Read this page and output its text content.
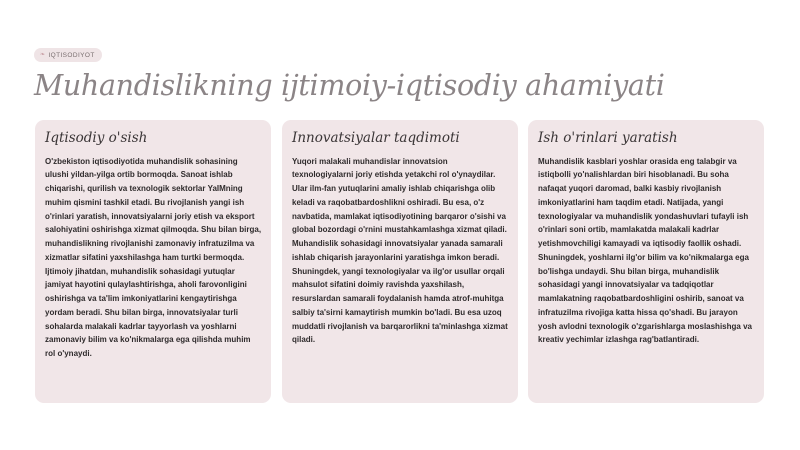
❧ IQTISODIYOT
Muhandislikning ijtimoiy-iqtisodiy ahamiyati
Iqtisodiy o'sish

O'zbekiston iqtisodiyotida muhandislik sohasining ulushi yildan-yilga ortib bormoqda. Sanoat ishlab chiqarishi, qurilish va texnologik sektorlar YaIMning muhim qismini tashkil etadi. Bu rivojlanish yangi ish o'rinlari yaratish, innovatsiyalarni joriy etish va eksport salohiyatini oshirishga xizmat qilmoqda. Shu bilan birga, muhandislikning rivojlanishi zamonaviy infratuzilma va xizmatlar sifatini yaxshilashga ham turtki bermoqda. Ijtimoiy jihatdan, muhandislik sohasidagi yutuqlar jamiyat hayotini qulaylashtirishga, aholi farovonligini oshirishga va ta'lim imkoniyatlarini kengaytirishga yordam beradi. Shu bilan birga, innovatsiyalar turli sohalarda malakali kadrlar tayyorlash va yoshlarni zamonaviy bilim va ko'nikmalarga ega qilishda muhim rol o'ynaydi.

Innovatsiyalar taqdimoti

Yuqori malakali muhandislar innovatsion texnologiyalarni joriy etishda yetakchi rol o'ynaydilar. Ular ilm-fan yutuqlarini amaliy ishlab chiqarishga olib keladi va raqobatbardoshlikni oshiradi. Bu esa, o'z navbatida, mamlakat iqtisodiyotining barqaror o'sishi va global bozordagi o'rnini mustahkamlashga xizmat qiladi. Muhandislik sohasidagi innovatsiyalar yanada samarali ishlab chiqarish jarayonlarini yaratishga imkon beradi. Shuningdek, yangi texnologiyalar va ilg'or usullar orqali mahsulot sifatini doimiy ravishda yaxshilash, resurslardan samarali foydalanish hamda atrof-muhitga salbiy ta'sirni kamaytirish mumkin bo'ladi. Bu esa uzoq muddatli rivojlanish va barqarorlikni ta'minlashga xizmat qiladi.

Ish o'rinlari yaratish

Muhandislik kasblari yoshlar orasida eng talabgir va istiqbolli yo'nalishlardan biri hisoblanadi. Bu soha nafaqat yuqori daromad, balki kasbiy rivojlanish imkoniyatlarini ham taqdim etadi. Natijada, yangi texnologiyalar va muhandislik yondashuvlari tufayli ish o'rinlari soni ortib, mamlakatda malakali kadrlar yetishmovchiligi kamayadi va iqtisodiy faollik oshadi. Shuningdek, yoshlarni ilg'or bilim va ko'nikmalarga ega bo'lishga undaydi. Shu bilan birga, muhandislik sohasidagi yangi innovatsiyalar va tadqiqotlar mamlakatning raqobatbardoshligini oshirib, sanoat va infratuzilma rivojiga katta hissa qo'shadi. Bu jarayon yosh avlodni texnologik o'zgarishlarga moslashishga va kreativ yechimlar izlashga rag'batlantiradi.
